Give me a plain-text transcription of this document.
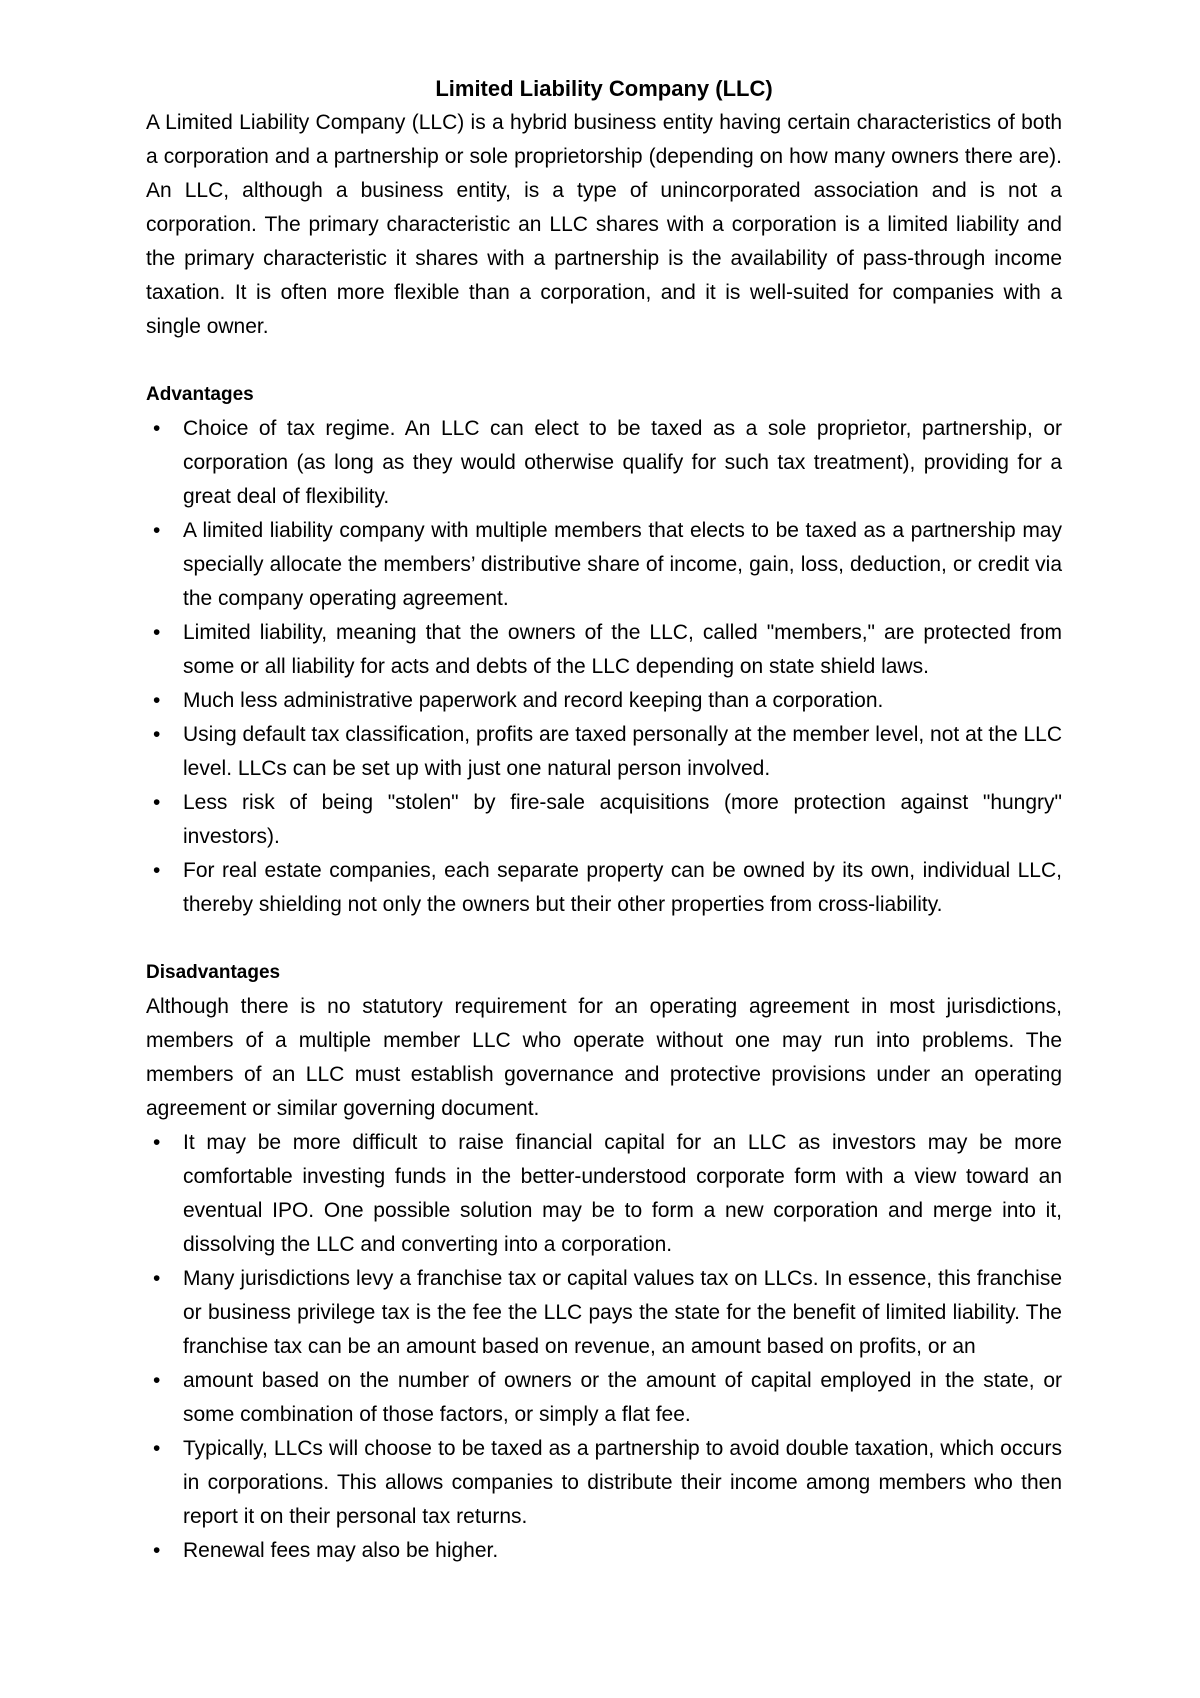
Limited Liability Company (LLC)

A Limited Liability Company (LLC) is a hybrid business entity having certain characteristics of both a corporation and a partnership or sole proprietorship (depending on how many owners there are). An LLC, although a business entity, is a type of unincorporated association and is not a corporation. The primary characteristic an LLC shares with a corporation is a limited liability and the primary characteristic it shares with a partnership is the availability of pass-through income taxation. It is often more flexible than a corporation, and it is well-suited for companies with a single owner.

Advantages
• Choice of tax regime. An LLC can elect to be taxed as a sole proprietor, partnership, or corporation (as long as they would otherwise qualify for such tax treatment), providing for a great deal of flexibility.
• A limited liability company with multiple members that elects to be taxed as a partnership may specially allocate the members’ distributive share of income, gain, loss, deduction, or credit via the company operating agreement.
• Limited liability, meaning that the owners of the LLC, called "members," are protected from some or all liability for acts and debts of the LLC depending on state shield laws.
• Much less administrative paperwork and record keeping than a corporation.
• Using default tax classification, profits are taxed personally at the member level, not at the LLC level. LLCs can be set up with just one natural person involved.
• Less risk of being "stolen" by fire-sale acquisitions (more protection against "hungry" investors).
• For real estate companies, each separate property can be owned by its own, individual LLC, thereby shielding not only the owners but their other properties from cross-liability.
Disadvantages

Although there is no statutory requirement for an operating agreement in most jurisdictions, members of a multiple member LLC who operate without one may run into problems. The members of an LLC must establish governance and protective provisions under an operating agreement or similar governing document.

• It may be more difficult to raise financial capital for an LLC as investors may be more comfortable investing funds in the better-understood corporate form with a view toward an eventual IPO. One possible solution may be to form a new corporation and merge into it, dissolving the LLC and converting into a corporation.
• Many jurisdictions levy a franchise tax or capital values tax on LLCs. In essence, this franchise or business privilege tax is the fee the LLC pays the state for the benefit of limited liability. The franchise tax can be an amount based on revenue, an amount based on profits, or an
• amount based on the number of owners or the amount of capital employed in the state, or some combination of those factors, or simply a flat fee.
• Typically, LLCs will choose to be taxed as a partnership to avoid double taxation, which occurs in corporations. This allows companies to distribute their income among members who then report it on their personal tax returns.
• Renewal fees may also be higher.
